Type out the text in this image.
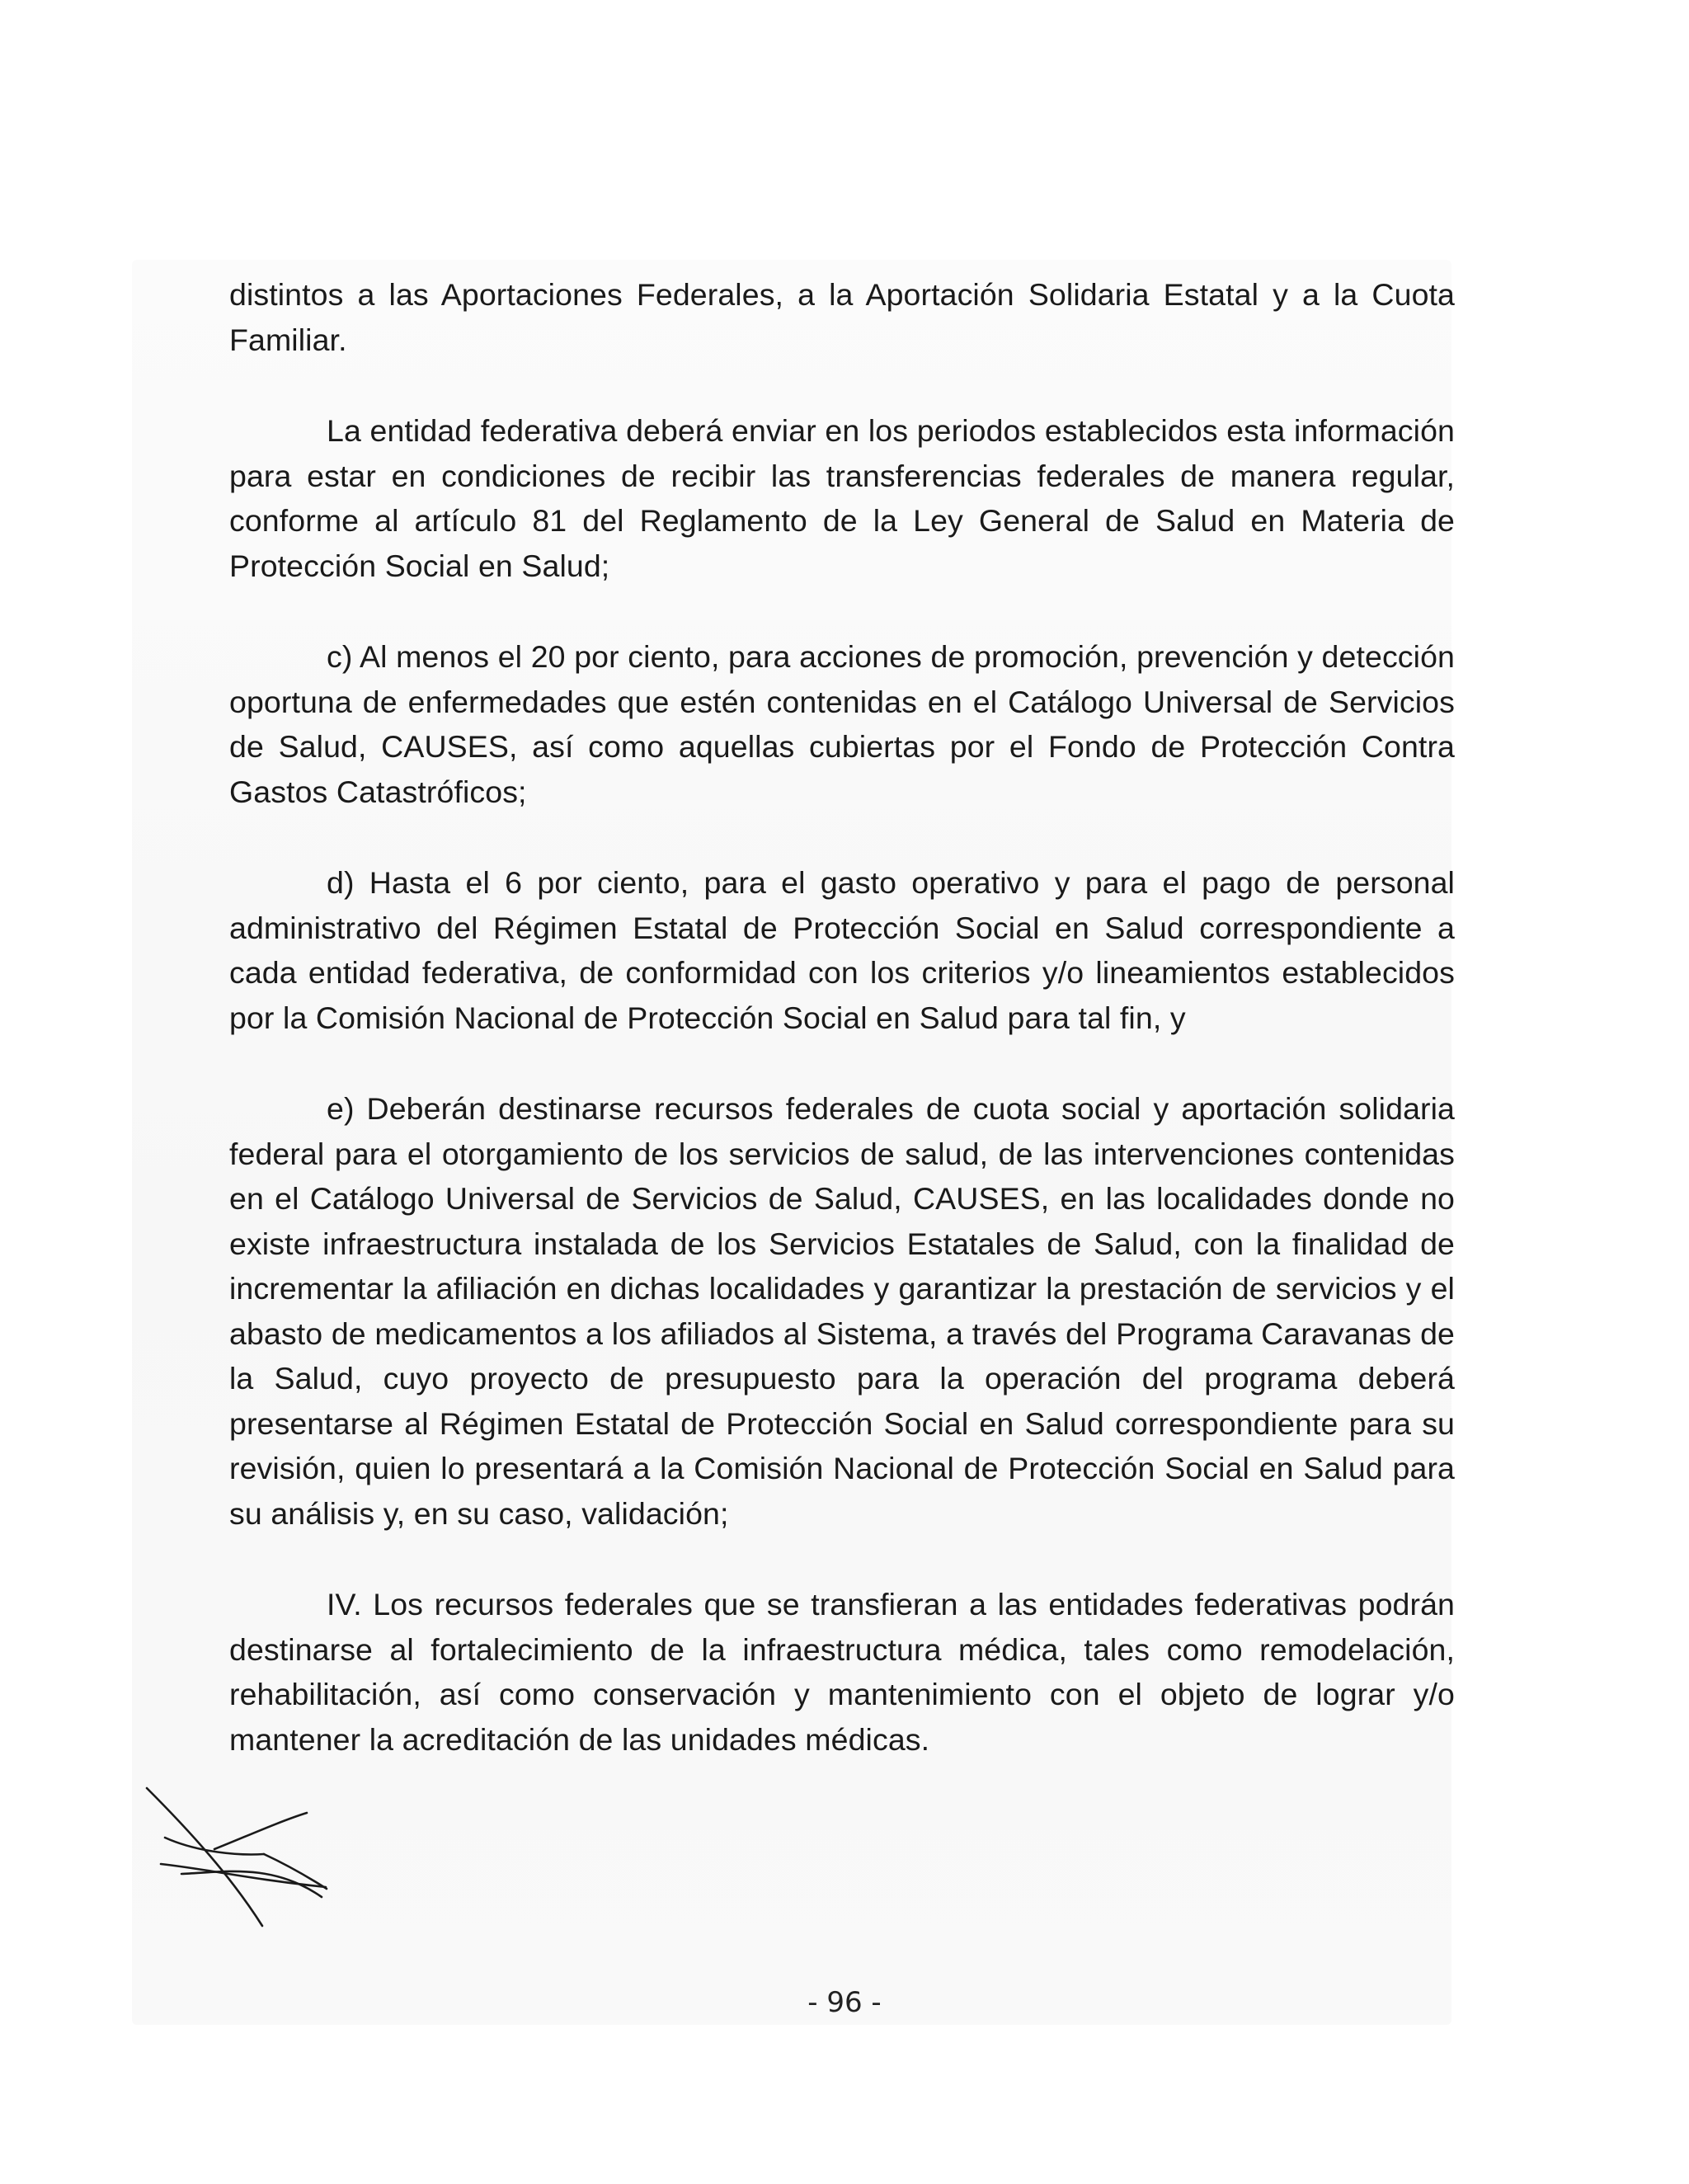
distintos a las Aportaciones Federales, a la Aportación Solidaria Estatal y a la Cuota Familiar.

La entidad federativa deberá enviar en los periodos establecidos esta información para estar en condiciones de recibir las transferencias federales de manera regular, conforme al artículo 81 del Reglamento de la Ley General de Salud en Materia de Protección Social en Salud;

c) Al menos el 20 por ciento, para acciones de promoción, prevención y detección oportuna de enfermedades que estén contenidas en el Catálogo Universal de Servicios de Salud, CAUSES, así como aquellas cubiertas por el Fondo de Protección Contra Gastos Catastróficos;

d) Hasta el 6 por ciento, para el gasto operativo y para el pago de personal administrativo del Régimen Estatal de Protección Social en Salud correspondiente a cada entidad federativa, de conformidad con los criterios y/o lineamientos establecidos por la Comisión Nacional de Protección Social en Salud para tal fin, y

e) Deberán destinarse recursos federales de cuota social y aportación solidaria federal para el otorgamiento de los servicios de salud, de las intervenciones contenidas en el Catálogo Universal de Servicios de Salud, CAUSES, en las localidades donde no existe infraestructura instalada de los Servicios Estatales de Salud, con la finalidad de incrementar la afiliación en dichas localidades y garantizar la prestación de servicios y el abasto de medicamentos a los afiliados al Sistema, a través del Programa Caravanas de la Salud, cuyo proyecto de presupuesto para la operación del programa deberá presentarse al Régimen Estatal de Protección Social en Salud correspondiente para su revisión, quien lo presentará a la Comisión Nacional de Protección Social en Salud para su análisis y, en su caso, validación;

IV. Los recursos federales que se transfieran a las entidades federativas podrán destinarse al fortalecimiento de la infraestructura médica, tales como remodelación, rehabilitación, así como conservación y mantenimiento con el objeto de lograr y/o mantener la acreditación de las unidades médicas.

- 96 -
